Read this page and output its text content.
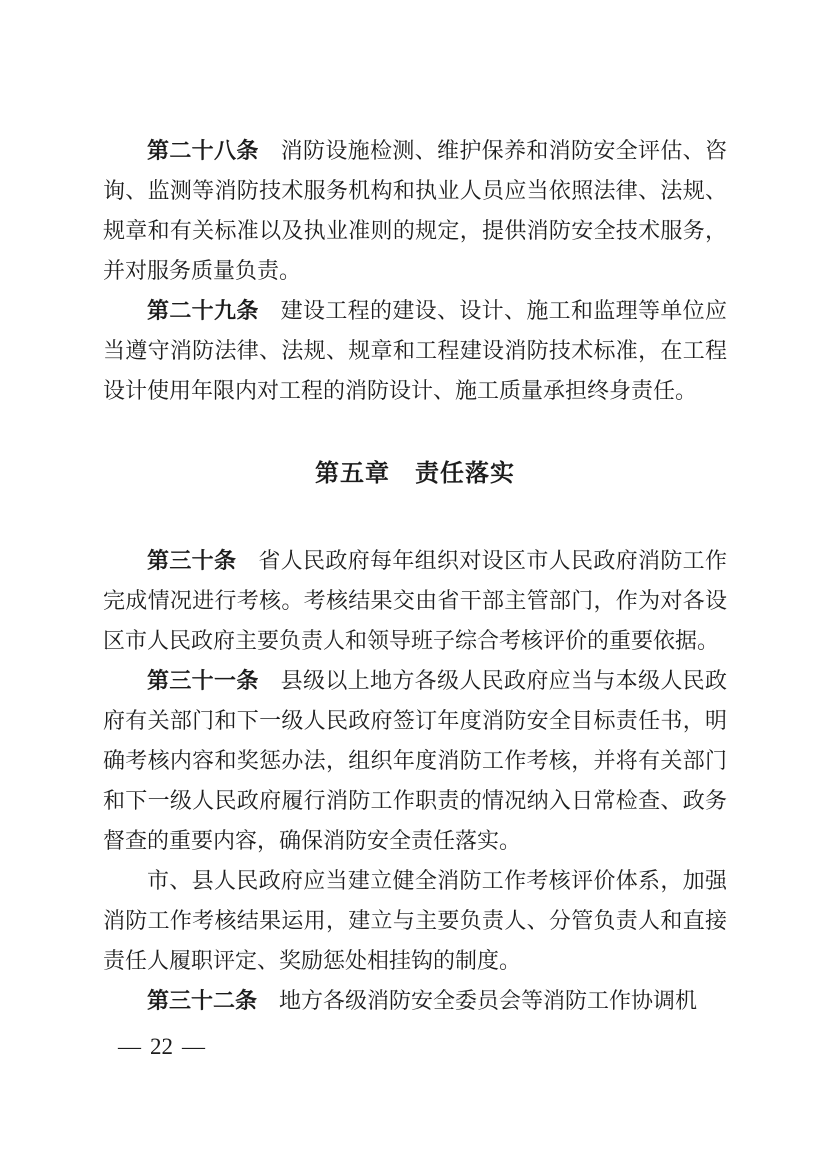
第二十八条 消防设施检测、维护保养和消防安全评估、咨询、监测等消防技术服务机构和执业人员应当依照法律、法规、规章和有关标准以及执业准则的规定，提供消防安全技术服务，并对服务质量负责。

第二十九条 建设工程的建设、设计、施工和监理等单位应当遵守消防法律、法规、规章和工程建设消防技术标准，在工程设计使用年限内对工程的消防设计、施工质量承担终身责任。

第五章　责任落实

第三十条 省人民政府每年组织对设区市人民政府消防工作完成情况进行考核。考核结果交由省干部主管部门，作为对各设区市人民政府主要负责人和领导班子综合考核评价的重要依据。

第三十一条 县级以上地方各级人民政府应当与本级人民政府有关部门和下一级人民政府签订年度消防安全目标责任书，明确考核内容和奖惩办法，组织年度消防工作考核，并将有关部门和下一级人民政府履行消防工作职责的情况纳入日常检查、政务督查的重要内容，确保消防安全责任落实。

市、县人民政府应当建立健全消防工作考核评价体系，加强消防工作考核结果运用，建立与主要负责人、分管负责人和直接责任人履职评定、奖励惩处相挂钩的制度。

第三十二条 地方各级消防安全委员会等消防工作协调机

— 22 —
